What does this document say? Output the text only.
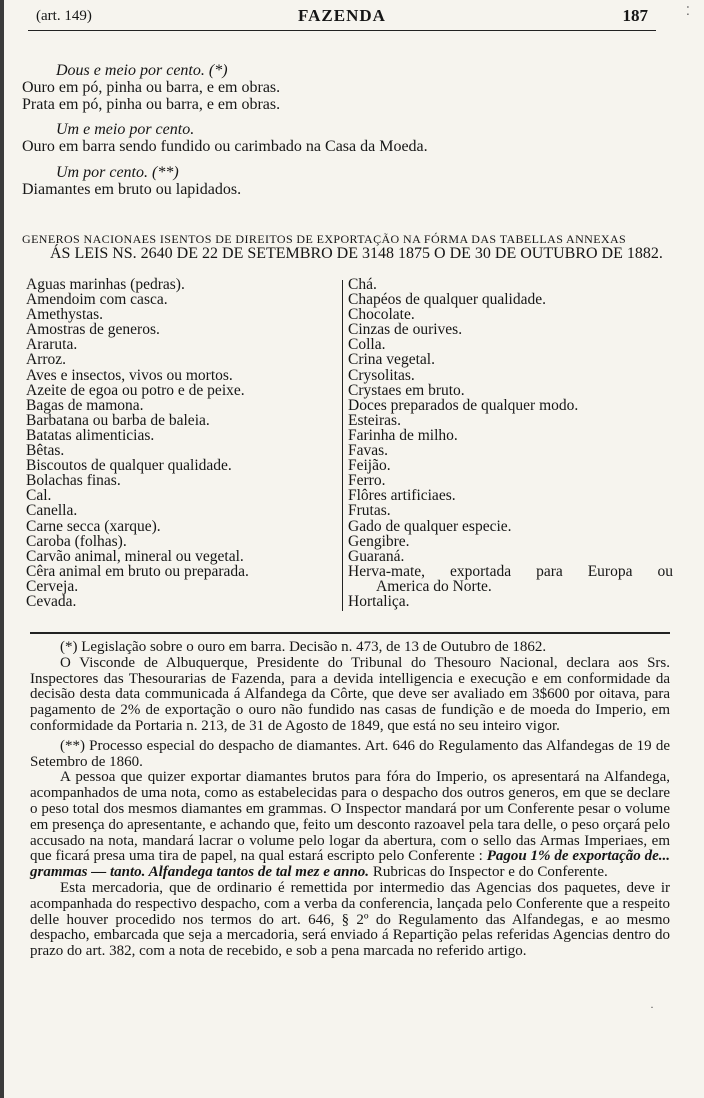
(art. 149)	FAZENDA	187
Dous e meio por cento. (*)
Ouro em pó, pinha ou barra, e em obras.
Prata em pó, pinha ou barra, e em obras.
Um e meio por cento.
Ouro em barra sendo fundido ou carimbado na Casa da Moeda.
Um por cento. (**)
Diamantes em bruto ou lapidados.
GENEROS NACIONAES ISENTOS DE DIREITOS DE EXPORTAÇÃO NA FÓRMA DAS TABELLAS ANNEXAS
ÁS LEIS NS. 2640 DE 22 DE SETEMBRO DE 3148 1875 O DE 30 DE OUTUBRO DE 1882.
Aguas marinhas (pedras).
Amendoim com casca.
Amethystas.
Amostras de generos.
Araruta.
Arroz.
Aves e insectos, vivos ou mortos.
Azeite de egoa ou potro e de peixe.
Bagas de mamona.
Barbatana ou barba de baleia.
Batatas alimenticias.
Bêtas.
Biscoutos de qualquer qualidade.
Bolachas finas.
Cal.
Canella.
Carne secca (xarque).
Caroba (folhas).
Carvão animal, mineral ou vegetal.
Cêra animal em bruto ou preparada.
Cerveja.
Cevada.
Chá.
Chapéos de qualquer qualidade.
Chocolate.
Cinzas de ourives.
Colla.
Crina vegetal.
Crysolitas.
Crystaes em bruto.
Doces preparados de qualquer modo.
Esteiras.
Farinha de milho.
Favas.
Feijão.
Ferro.
Flôres artificiaes.
Frutas.
Gado de qualquer especie.
Gengibre.
Guaraná.
Herva-mate, exportada para Europa ou
America do Norte.
Hortaliça.

(*) Legislação sobre o ouro em barra. Decisão n. 473, de 13 de Outubro de 1862.

O Visconde de Albuquerque, Presidente do Tribunal do Thesouro Nacional, declara aos Srs. Inspectores das Thesourarias de Fazenda, para a devida intelligencia e execução e em conformidade da decisão desta data communicada á Alfandega da Côrte, que deve ser avaliado em 3$600 por oitava, para pagamento de 2% de exportação o ouro não fundido nas casas de fundição e de moeda do Imperio, em conformidade da Portaria n. 213, de 31 de Agosto de 1849, que está no seu inteiro vigor.

(**) Processo especial do despacho de diamantes. Art. 646 do Regulamento das Alfandegas de 19 de Setembro de 1860.

A pessoa que quizer exportar diamantes brutos para fóra do Imperio, os apresentará na Alfandega, acompanhados de uma nota, como as estabelecidas para o despacho dos outros generos, em que se declare o peso total dos mesmos diamantes em grammas. O Inspector mandará por um Conferente pesar o volume em presença do apresentante, e achando que, feito um desconto razoavel pela tara delle, o peso orçará pelo accusado na nota, mandará lacrar o volume pelo logar da abertura, com o sello das Armas Imperiaes, em que ficará presa uma tira de papel, na qual estará escripto pelo Conferente : Pagou 1% de exportação de... grammas — tanto. Alfandega tantos de tal mez e anno. Rubricas do Inspector e do Conferente.

Esta mercadoria, que de ordinario é remettida por intermedio das Agencias dos paquetes, deve ir acompanhada do respectivo despacho, com a verba da conferencia, lançada pelo Conferente que a respeito delle houver procedido nos termos do art. 646, § 2º do Regulamento das Alfandegas, e ao mesmo despacho, embarcada que seja a mercadoria, será enviado á Repartição pelas referidas Agencias dentro do prazo do art. 382, com a nota de recebido, e sob a pena marcada no referido artigo.

⁚
·
